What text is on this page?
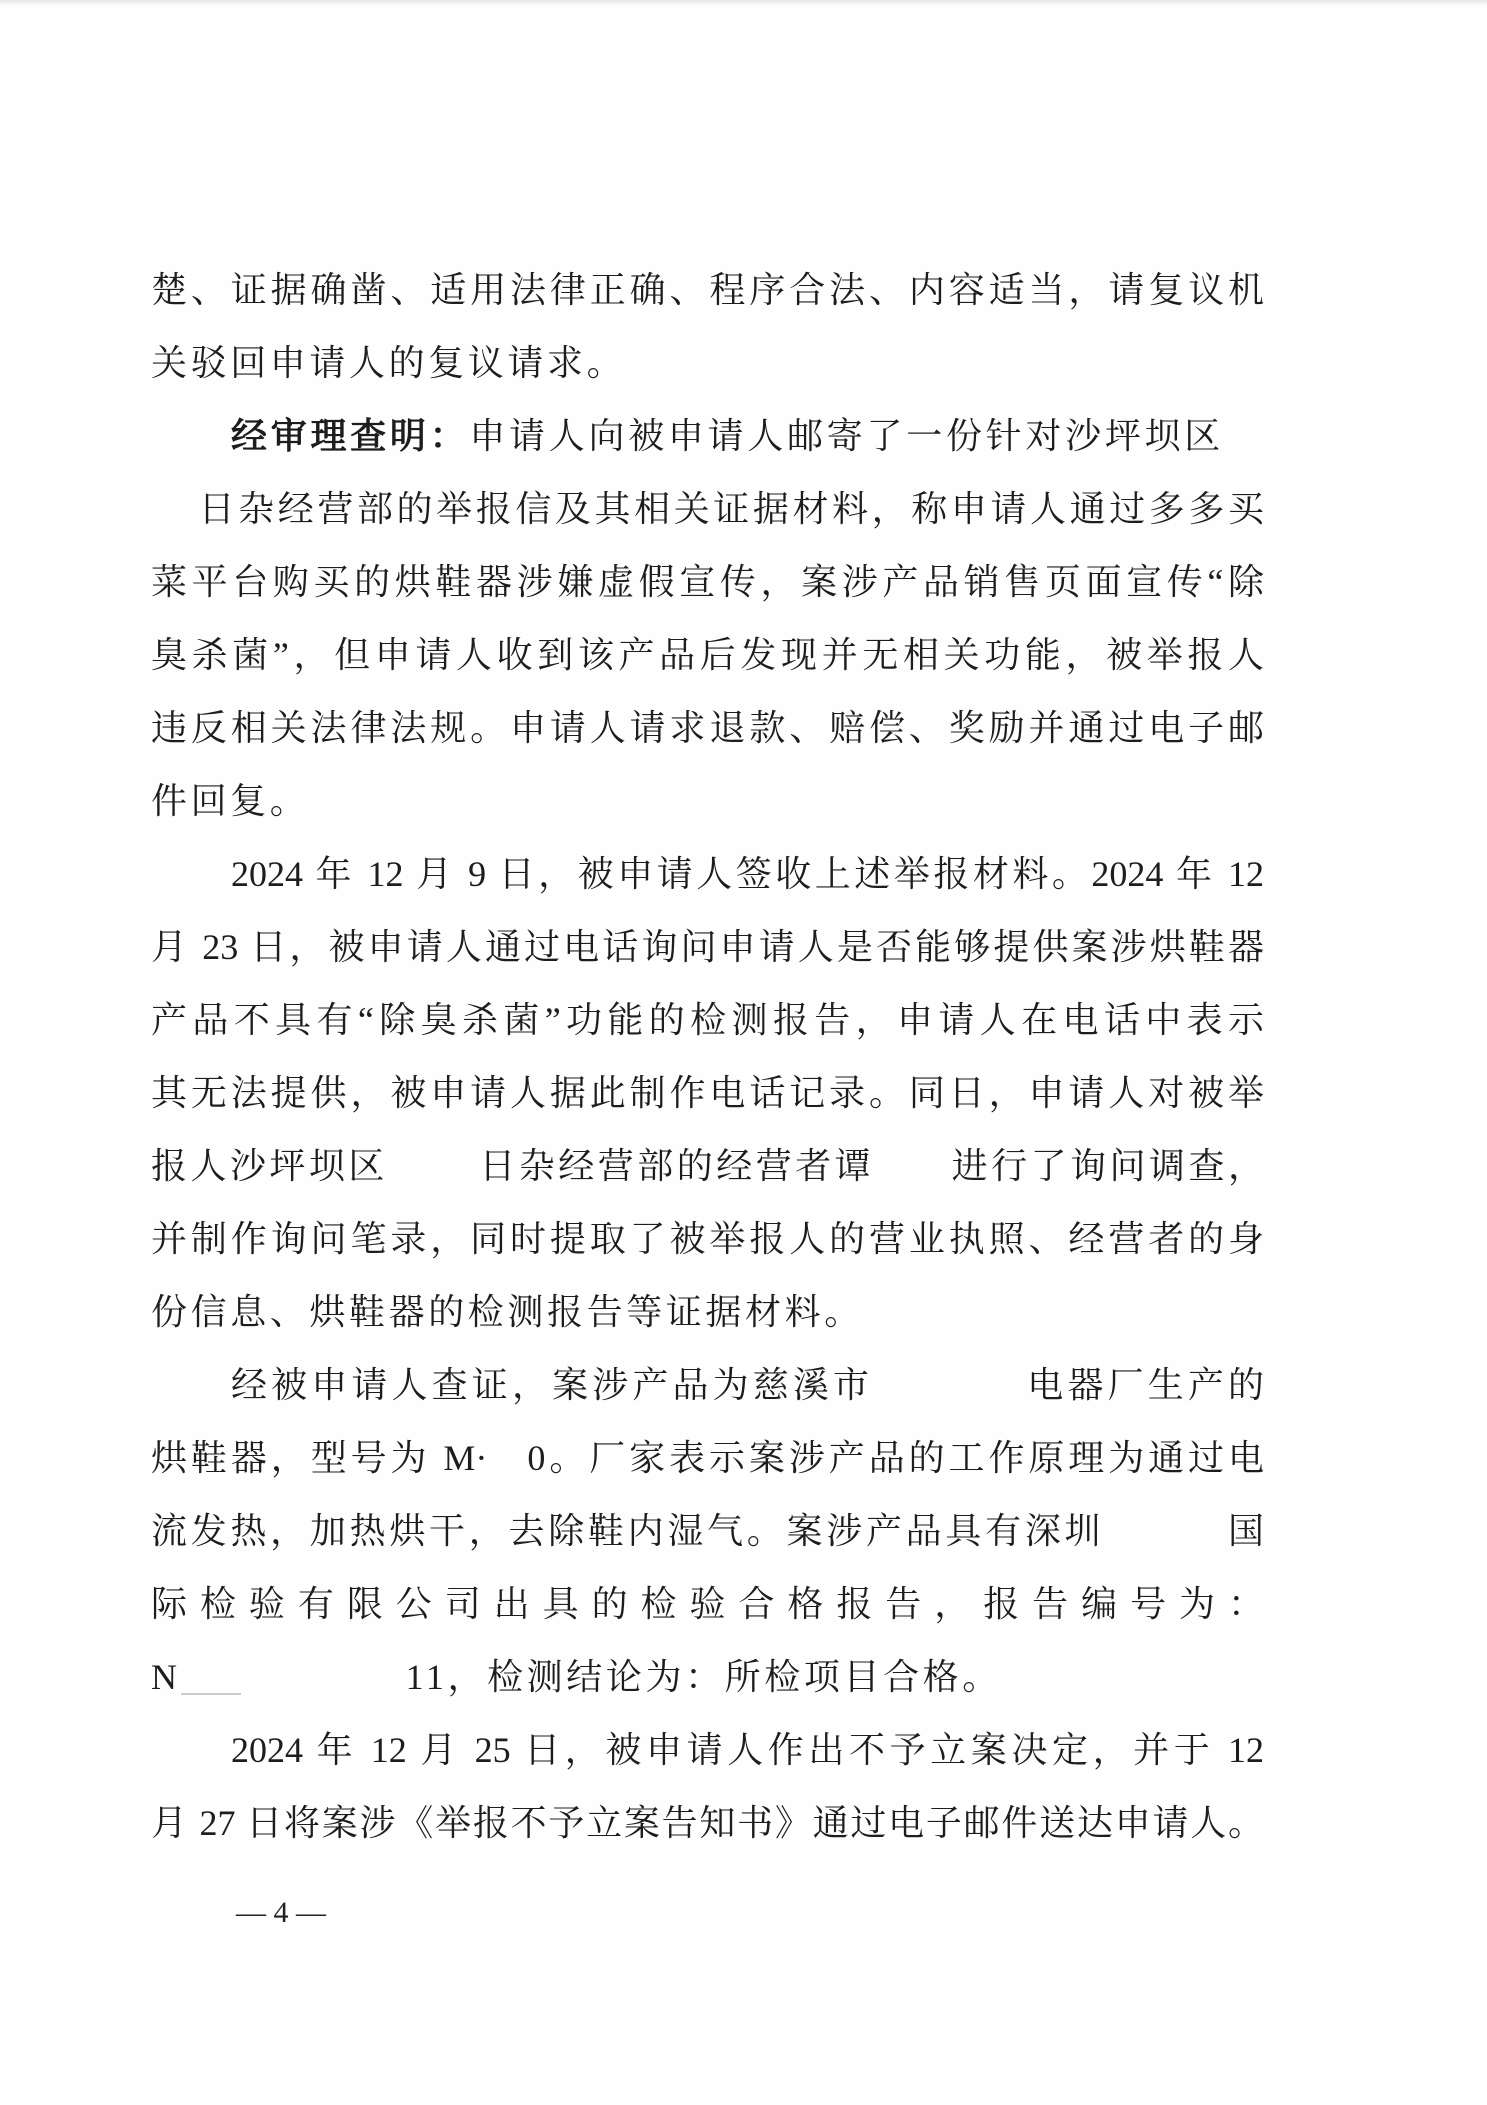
楚、证据确凿、适用法律正确、程序合法、内容适当，请复议机
关驳回申请人的复议请求。
经审理查明：申请人向被申请人邮寄了一份针对沙坪坝区
日杂经营部的举报信及其相关证据材料，称申请人通过多多买
菜平台购买的烘鞋器涉嫌虚假宣传，案涉产品销售页面宣传“除
臭杀菌”，但申请人收到该产品后发现并无相关功能，被举报人
违反相关法律法规。申请人请求退款、赔偿、奖励并通过电子邮
件回复。
2024 年 12 月 9 日，被申请人签收上述举报材料。2024 年 12
月 23 日，被申请人通过电话询问申请人是否能够提供案涉烘鞋器
产品不具有“除臭杀菌”功能的检测报告，申请人在电话中表示
其无法提供，被申请人据此制作电话记录。同日，申请人对被举
报人沙坪坝区 日杂经营部的经营者谭 进行了询问调查，
并制作询问笔录，同时提取了被举报人的营业执照、经营者的身
份信息、烘鞋器的检测报告等证据材料。
经被申请人查证，案涉产品为慈溪市	电器厂生产的
烘鞋器，型号为 M· 0。厂家表示案涉产品的工作原理为通过电
流发热，加热烘干，去除鞋内湿气。案涉产品具有深圳	国
际检验有限公司出具的检验合格报告，报告编号为：
N	11，检测结论为：所检项目合格。
2024 年 12 月 25 日，被申请人作出不予立案决定，并于 12
月 27 日将案涉《举报不予立案告知书》通过电子邮件送达申请人。
— 4 —
